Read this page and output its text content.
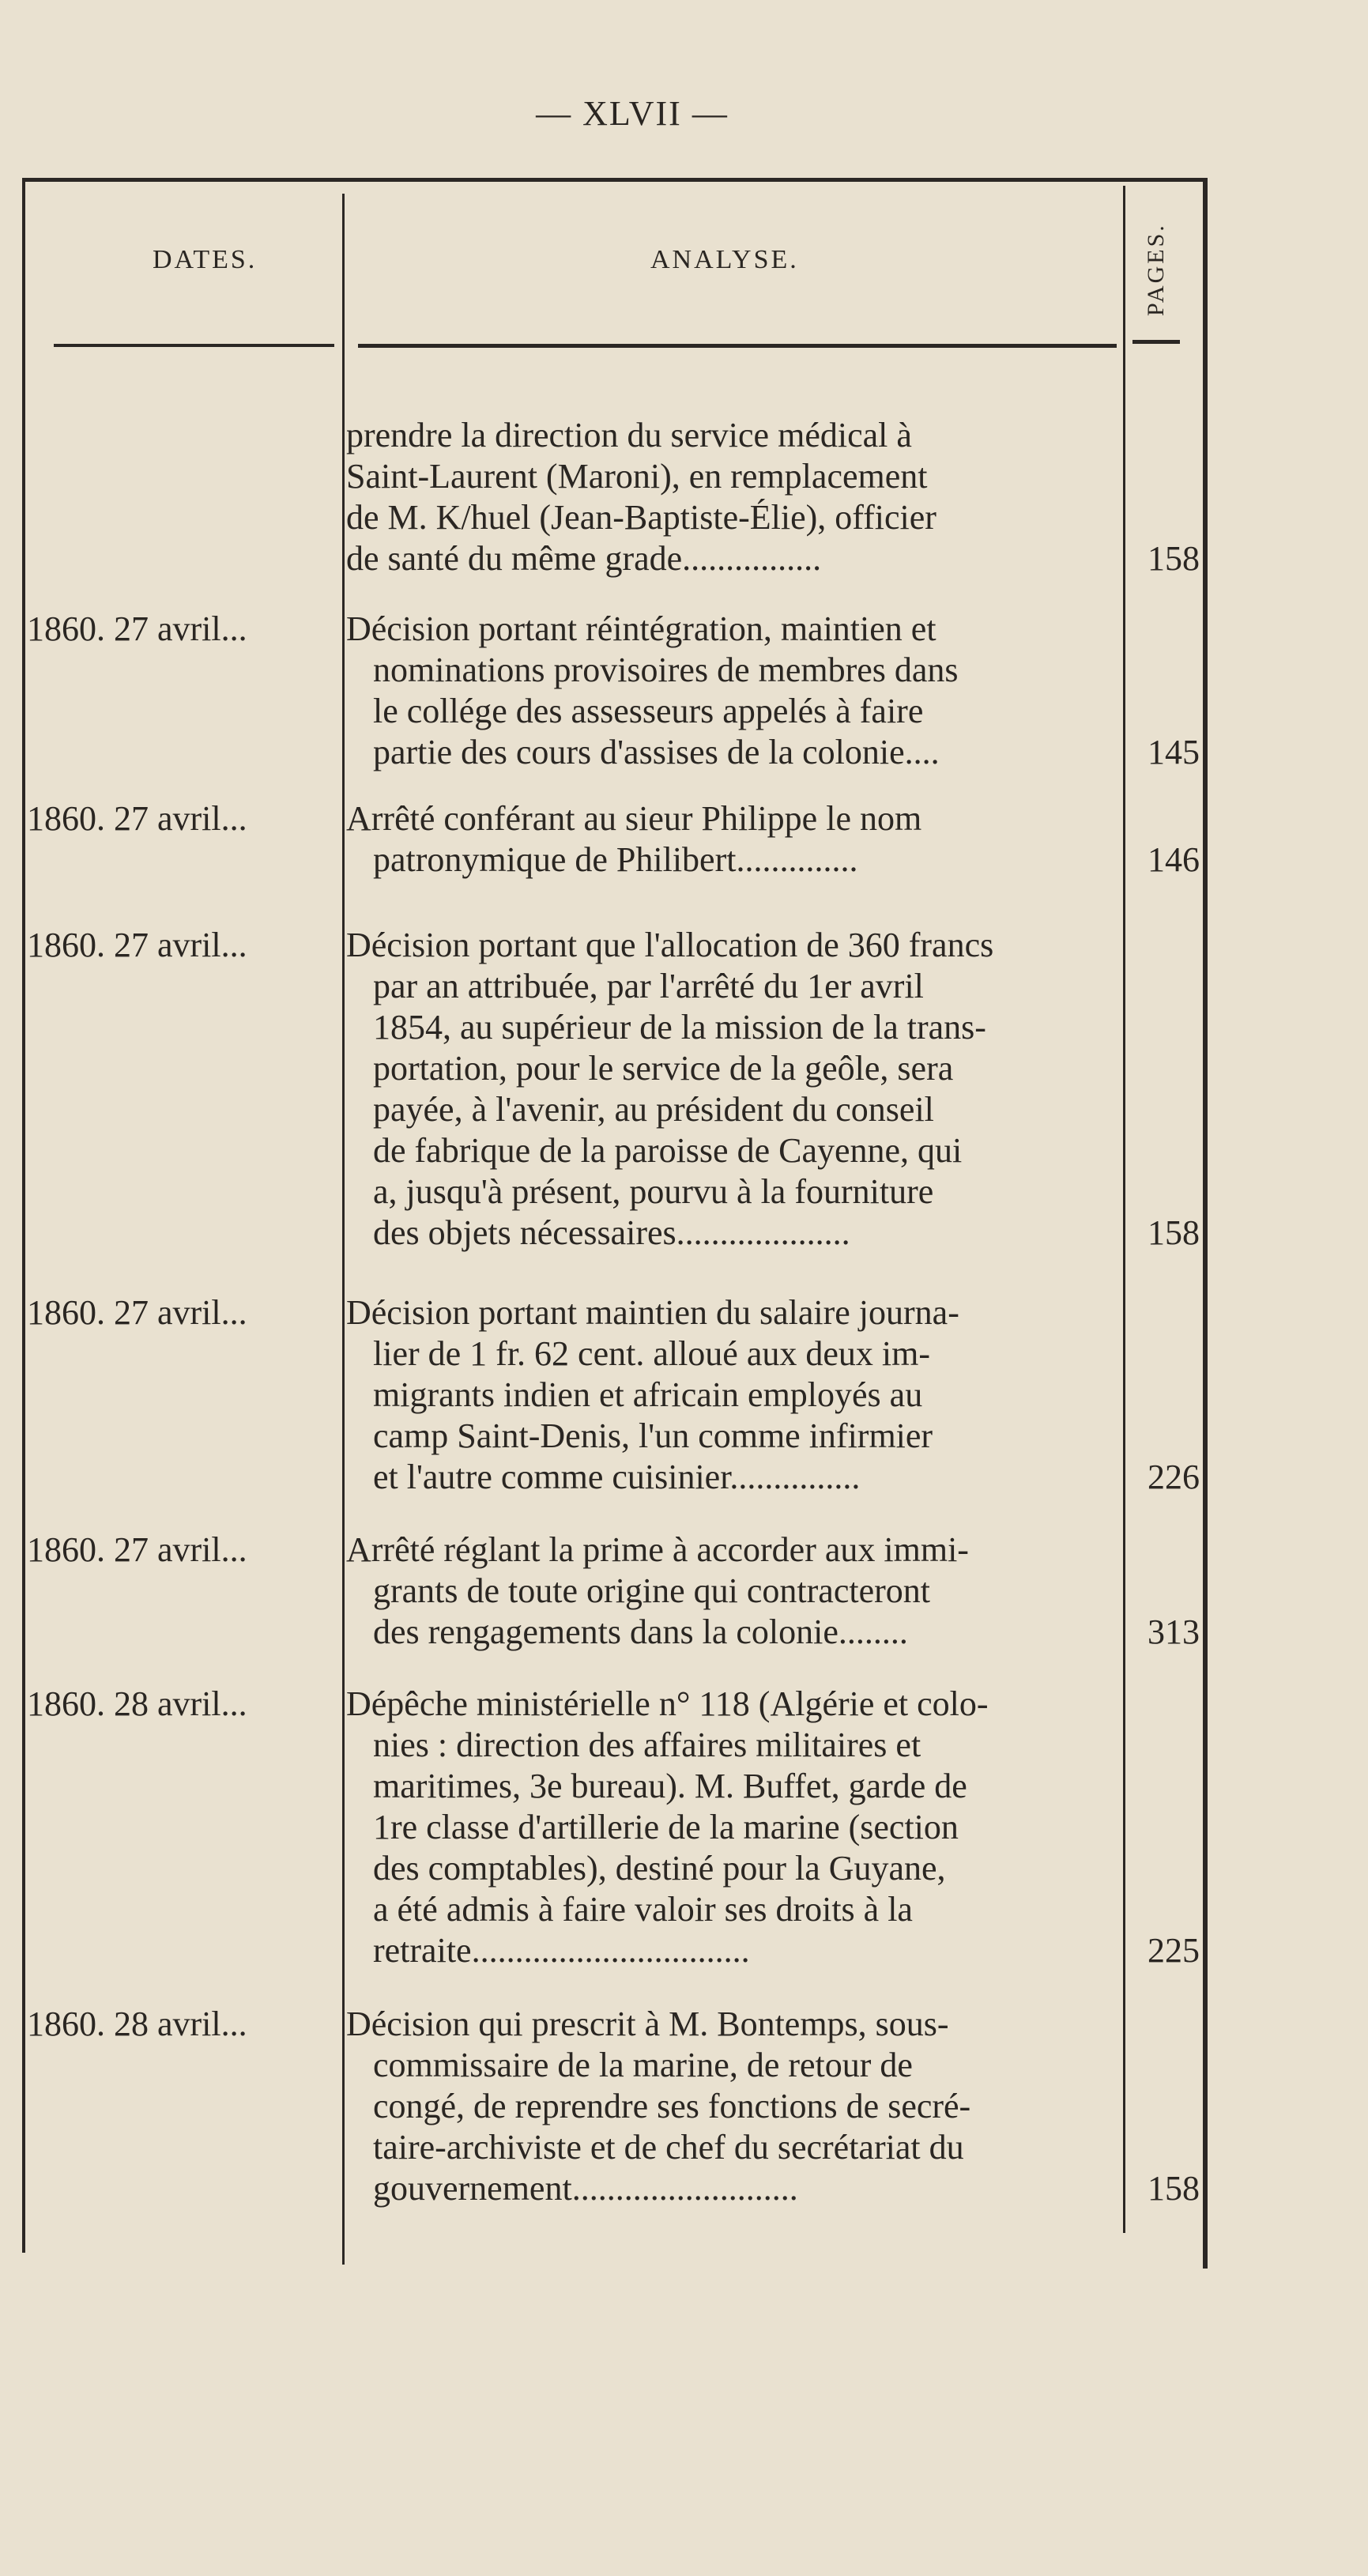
— XLVII —
DATES.	ANALYSE.	PAGES.
prendre la direction du service médical à
Saint-Laurent (Maroni), en remplacement
de M. K/huel (Jean-Baptiste-Élie), officier
de santé du même grade................	158
1860. 27 avril...	Décision portant réintégration, maintien et
nominations provisoires de membres dans
le collége des assesseurs appelés à faire
partie des cours d'assises de la colonie....	145
1860. 27 avril...	Arrêté conférant au sieur Philippe le nom
patronymique de Philibert..............	146
1860. 27 avril...	Décision portant que l'allocation de 360 francs
par an attribuée, par l'arrêté du 1er avril
1854, au supérieur de la mission de la trans-
portation, pour le service de la geôle, sera
payée, à l'avenir, au président du conseil
de fabrique de la paroisse de Cayenne, qui
a, jusqu'à présent, pourvu à la fourniture
des objets nécessaires....................	158
1860. 27 avril...	Décision portant maintien du salaire journa-
lier de 1 fr. 62 cent. alloué aux deux im-
migrants indien et africain employés au
camp Saint-Denis, l'un comme infirmier
et l'autre comme cuisinier...............	226
1860. 27 avril...	Arrêté réglant la prime à accorder aux immi-
grants de toute origine qui contracteront
des rengagements dans la colonie........	313
1860. 28 avril...	Dépêche ministérielle n° 118 (Algérie et colo-
nies : direction des affaires militaires et
maritimes, 3e bureau). M. Buffet, garde de
1re classe d'artillerie de la marine (section
des comptables), destiné pour la Guyane,
a été admis à faire valoir ses droits à la
retraite................................	225
1860. 28 avril...	Décision qui prescrit à M. Bontemps, sous-
commissaire de la marine, de retour de
congé, de reprendre ses fonctions de secré-
taire-archiviste et de chef du secrétariat du
gouvernement..........................	158
